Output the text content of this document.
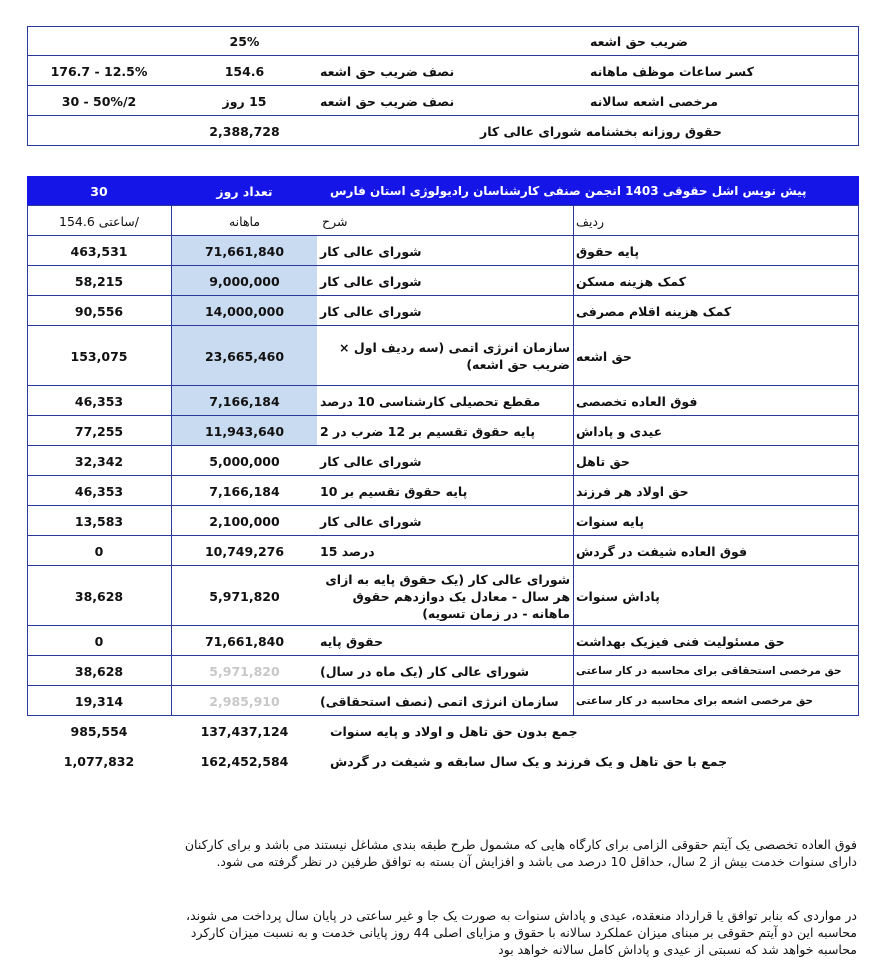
ضریب حق اشعه
25%
کسر ساعات موظف ماهانه
نصف ضریب حق اشعه
154.6
176.7 - 12.5%
مرخصی اشعه سالانه
نصف ضریب حق اشعه
15 روز
30 - 50%/2
حقوق روزانه بخشنامه شورای عالی کار
2,388,728
پیش نویس اشل حقوقی 1403 انجمن صنفی کارشناسان رادیولوژی استان فارس
تعداد روز
30
ردیف
شرح
ماهانه
ساعتی 154.6/
پایه حقوق
شورای عالی کار
71,661,840
463,531
کمک هزینه مسکن
شورای عالی کار
9,000,000
58,215
کمک هزینه اقلام مصرفی
شورای عالی کار
14,000,000
90,556
حق اشعه
سازمان انرژی اتمی (سه ردیف اول × ضریب حق اشعه)
23,665,460
153,075
فوق العاده تخصصی
مقطع تحصیلی کارشناسی 10 درصد
7,166,184
46,353
عیدی و پاداش
پایه حقوق تقسیم بر 12 ضرب در 2
11,943,640
77,255
حق تاهل
شورای عالی کار
5,000,000
32,342
حق اولاد هر فرزند
پایه حقوق تقسیم بر 10
7,166,184
46,353
پایه سنوات
شورای عالی کار
2,100,000
13,583
فوق العاده شیفت در گردش
درصد 15
10,749,276
0
پاداش سنوات
شورای عالی کار (یک حقوق پایه به ازای هر سال - معادل یک دوازدهم حقوق ماهانه - در زمان تسویه)
5,971,820
38,628
حق مسئولیت فنی فیزیک بهداشت
حقوق پایه
71,661,840
0
حق مرخصی استحقاقی برای محاسبه در کار ساعتی
شورای عالی کار (یک ماه در سال)
5,971,820
38,628
حق مرخصی اشعه برای محاسبه در کار ساعتی
سازمان انرژی اتمی (نصف استحقاقی)
2,985,910
19,314
جمع بدون حق تاهل و اولاد و پایه سنوات
137,437,124
985,554
جمع با حق تاهل و یک فرزند و یک سال سابقه و شیفت در گردش
162,452,584
1,077,832
فوق العاده تخصصی یک آیتم حقوقی الزامی برای کارگاه هایی که مشمول طرح طبقه بندی مشاغل نیستند می باشد و برای کارکنان
دارای سنوات خدمت بیش از 2 سال، حداقل 10 درصد می باشد و افزایش آن بسته به توافق طرفین در نظر گرفته می شود.
در مواردی که بنابر توافق یا قرارداد منعقده، عیدی و پاداش سنوات به صورت یک جا و غیر ساعتی در پایان سال پرداخت می شوند،
محاسبه این دو آیتم حقوقی بر مبنای میزان عملکرد سالانه با حقوق و مزایای اصلی 44 روز پایانی خدمت و به نسبت میزان کارکرد
محاسبه خواهد شد که نسبتی از عیدی و پاداش کامل سالانه خواهد بود
